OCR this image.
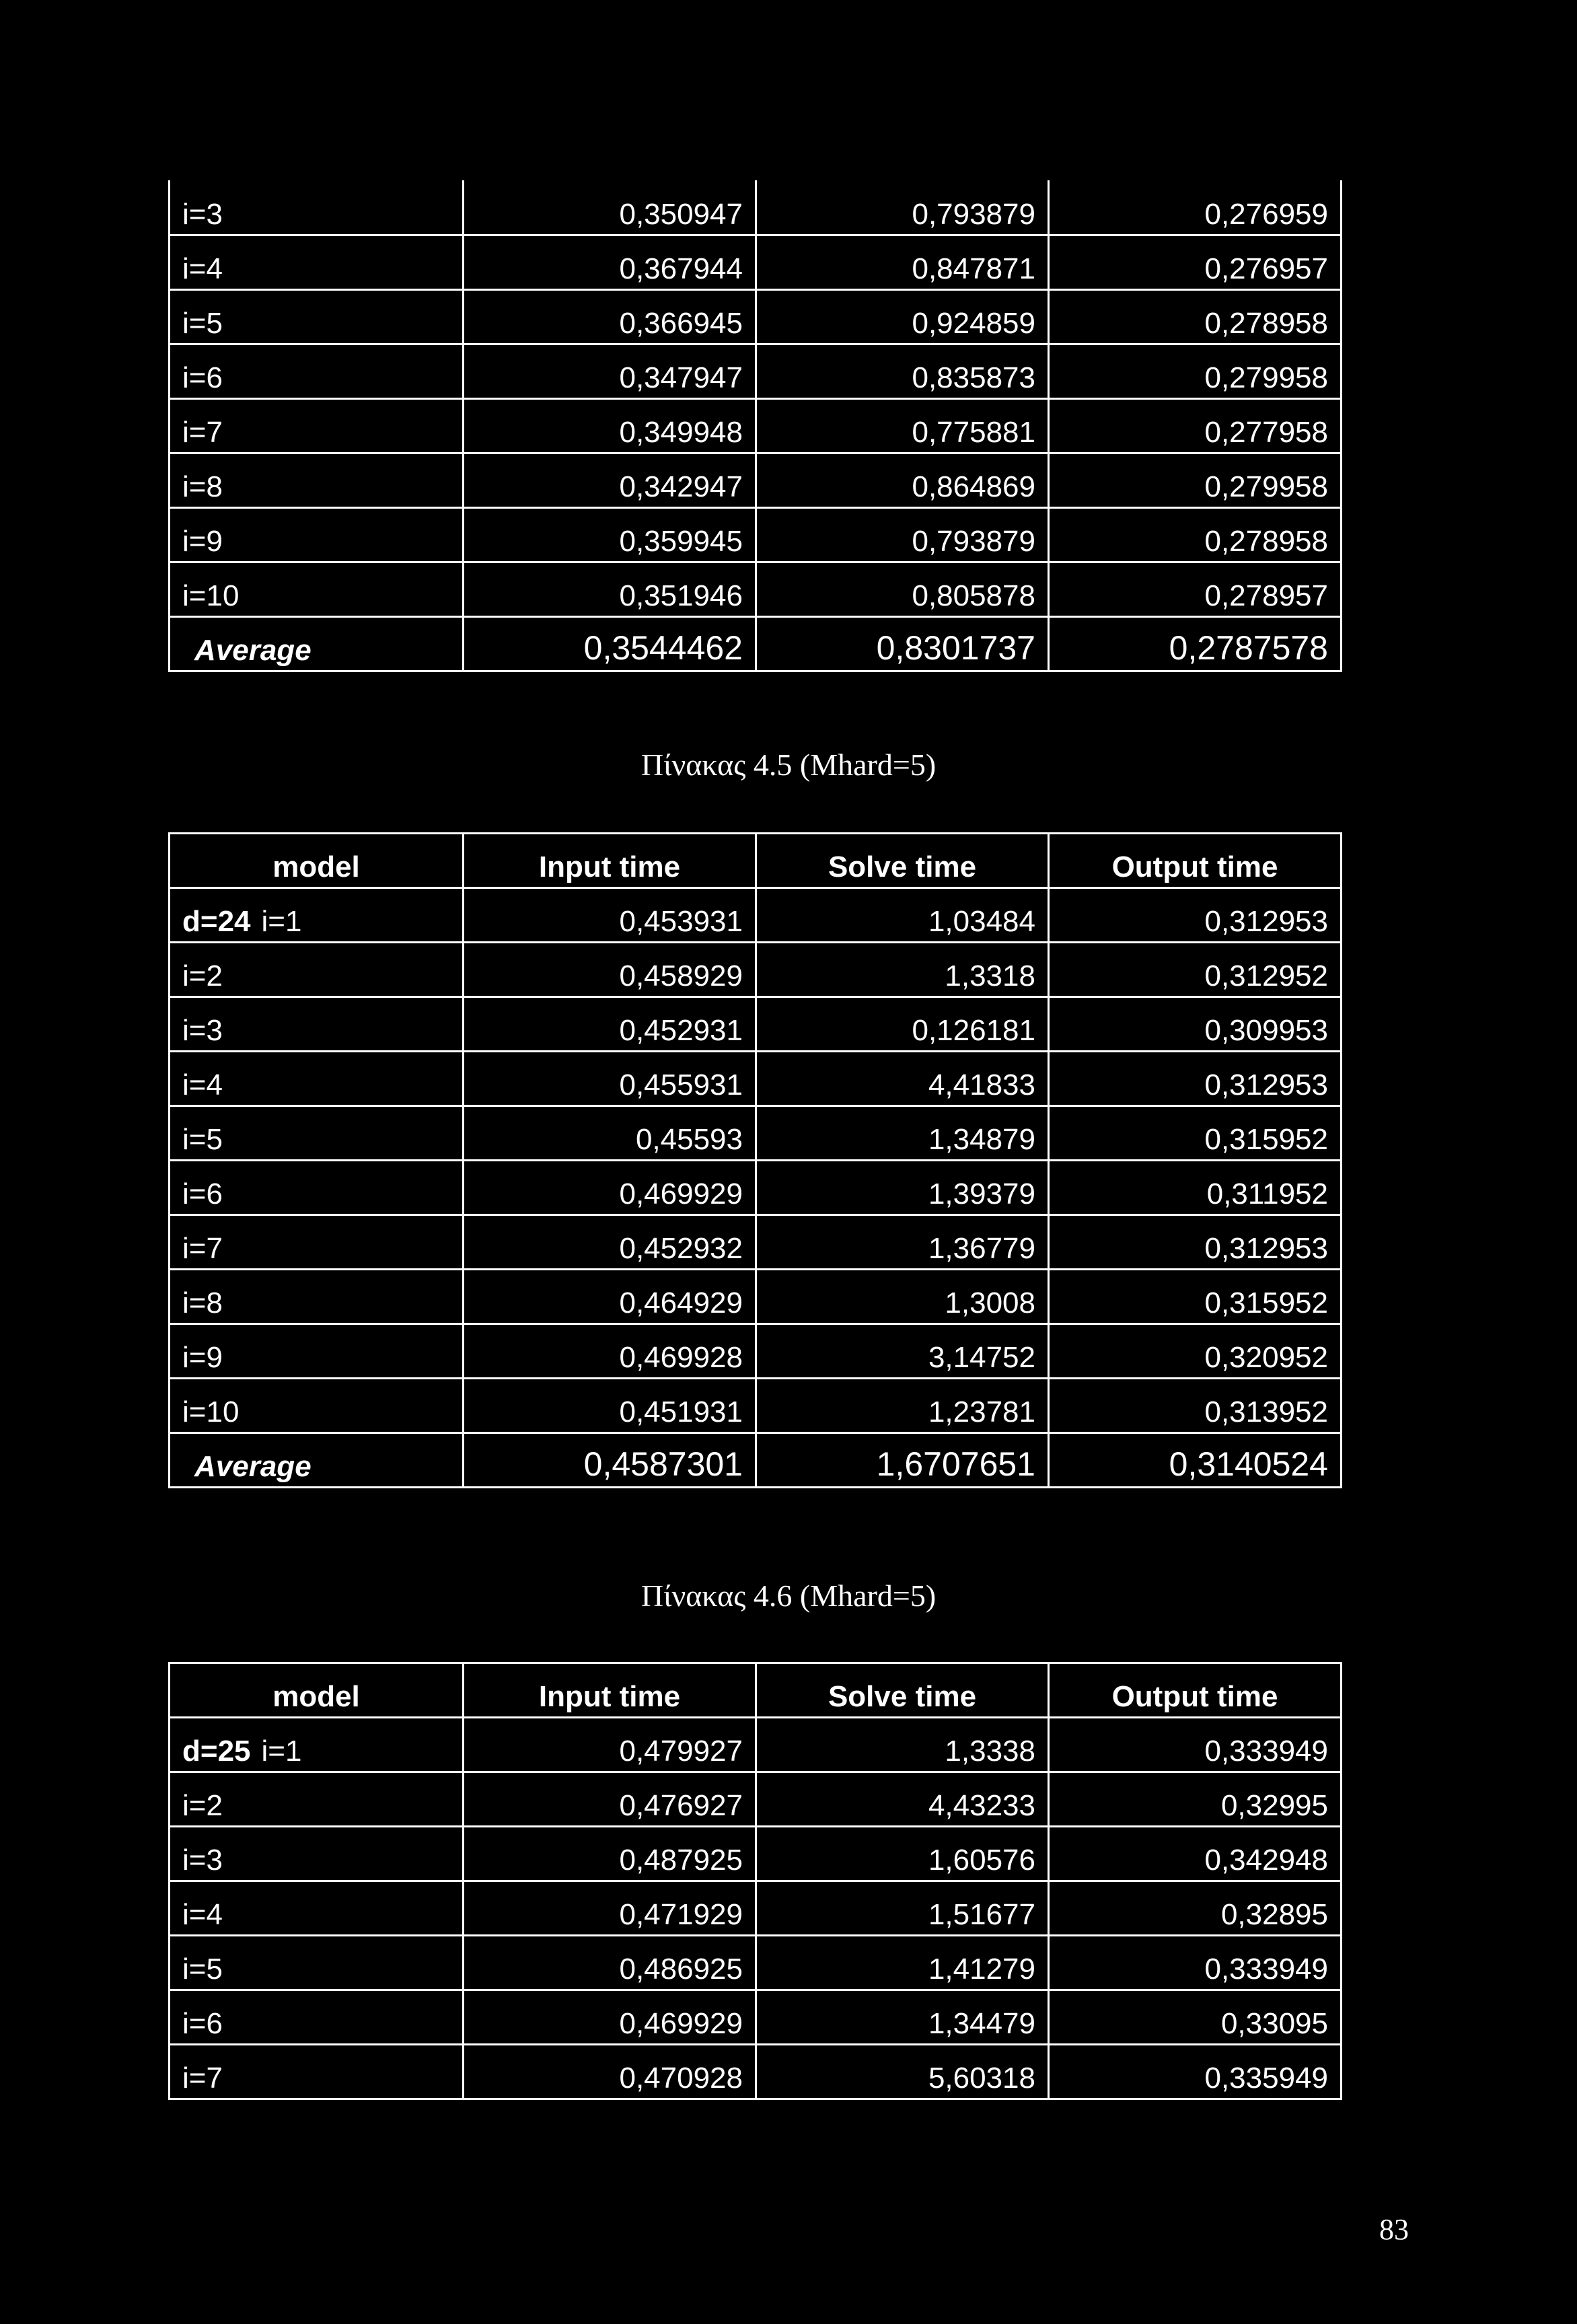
i=3	0,350947	0,793879	0,276959
i=4	0,367944	0,847871	0,276957
i=5	0,366945	0,924859	0,278958
i=6	0,347947	0,835873	0,279958
i=7	0,349948	0,775881	0,277958
i=8	0,342947	0,864869	0,279958
i=9	0,359945	0,793879	0,278958
i=10	0,351946	0,805878	0,278957
Average	0,3544462	0,8301737	0,2787578
Πίνακας 4.5 (Mhard=5)
model	Input time	Solve time	Output time
d=24 i=1	0,453931	1,03484	0,312953
i=2	0,458929	1,3318	0,312952
i=3	0,452931	0,126181	0,309953
i=4	0,455931	4,41833	0,312953
i=5	0,45593	1,34879	0,315952
i=6	0,469929	1,39379	0,311952
i=7	0,452932	1,36779	0,312953
i=8	0,464929	1,3008	0,315952
i=9	0,469928	3,14752	0,320952
i=10	0,451931	1,23781	0,313952
Average	0,4587301	1,6707651	0,3140524
Πίνακας 4.6 (Mhard=5)
model	Input time	Solve time	Output time
d=25 i=1	0,479927	1,3338	0,333949
i=2	0,476927	4,43233	0,32995
i=3	0,487925	1,60576	0,342948
i=4	0,471929	1,51677	0,32895
i=5	0,486925	1,41279	0,333949
i=6	0,469929	1,34479	0,33095
i=7	0,470928	5,60318	0,335949
83
